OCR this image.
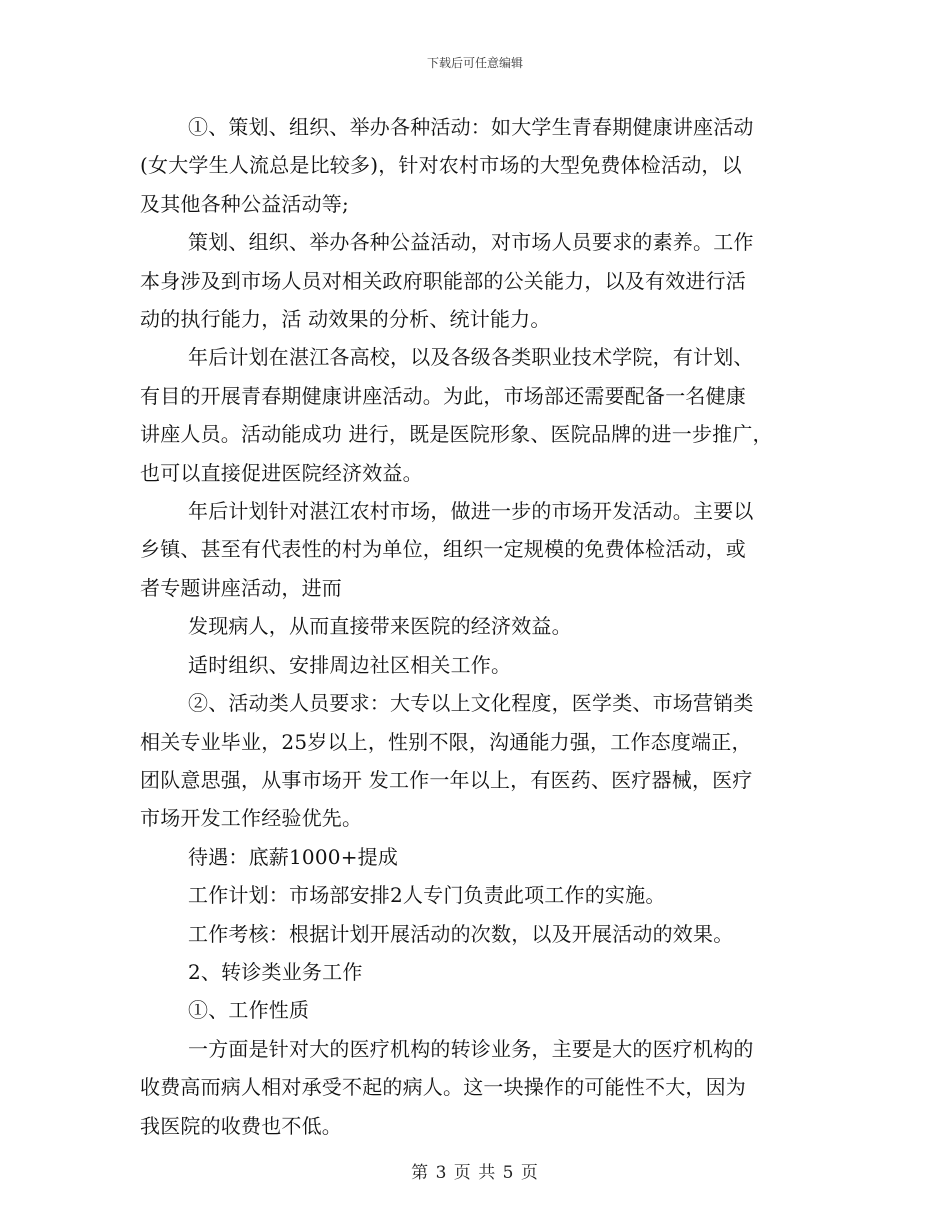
下载后可任意编辑
①、策划、组织、举办各种活动：如大学生青春期健康讲座活动
(女大学生人流总是比较多)，针对农村市场的大型免费体检活动，以
及其他各种公益活动等;
策划、组织、举办各种公益活动，对市场人员要求的素养。工作
本身涉及到市场人员对相关政府职能部的公关能力，以及有效进行活
动的执行能力，活 动效果的分析、统计能力。
年后计划在湛江各高校，以及各级各类职业技术学院，有计划、
有目的开展青春期健康讲座活动。为此，市场部还需要配备一名健康
讲座人员。活动能成功 进行，既是医院形象、医院品牌的进一步推广，
也可以直接促进医院经济效益。
年后计划针对湛江农村市场，做进一步的市场开发活动。主要以
乡镇、甚至有代表性的村为单位，组织一定规模的免费体检活动，或
者专题讲座活动，进而
发现病人，从而直接带来医院的经济效益。
适时组织、安排周边社区相关工作。
②、活动类人员要求：大专以上文化程度，医学类、市场营销类
相关专业毕业，25岁以上，性别不限，沟通能力强，工作态度端正，
团队意思强，从事市场开 发工作一年以上，有医药、医疗器械，医疗
市场开发工作经验优先。
待遇：底薪1000+提成
工作计划：市场部安排2人专门负责此项工作的实施。
工作考核：根据计划开展活动的次数，以及开展活动的效果。
2、转诊类业务工作
①、工作性质
一方面是针对大的医疗机构的转诊业务，主要是大的医疗机构的
收费高而病人相对承受不起的病人。这一块操作的可能性不大，因为
我医院的收费也不低。
第 3 页 共 5 页
